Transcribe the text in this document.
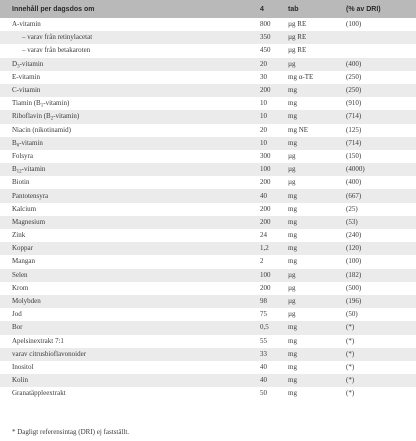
Innehåll per dagsdos om	4	tab	(% av DRI)
A-vitamin	800	µg RE	(100)
– varav från retinylacetat	350	µg RE	
– varav från betakaroten	450	µg RE	
$D_3$-vitamin	20	µg	(400)
E-vitamin	30	mg α-TE	(250)
C-vitamin	200	mg	(250)
Tiamin $(B_1-vitamin)$	10	mg	(910)
Riboflavin $(B_2-vitamin)$	10	mg	(714)
Niacin (nikotinamid)	20	mg NE	(125)
$B_6$-vitamin	10	mg	(714)
Folsyra	300	µg	(150)
$B_{12}$-vitamin	100	µg	(4000)
Biotin	200	µg	(400)
Pantotensyra	40	mg	(667)
Kalcium	200	mg	(25)
Magnesium	200	mg	(53)
Zink	24	mg	(240)
Koppar	1,2	mg	(120)
Mangan	2	mg	(100)
Selen	100	µg	(182)
Krom	200	µg	(500)
Molybden	98	µg	(196)
Jod	75	µg	(50)
Bor	0,5	mg	(*)
Apelsinextrakt 7:1	55	mg	(*)
varav citrusbioflavonoider	33	mg	(*)
Inositol	40	mg	(*)
Kolin	40	mg	(*)
Granatäppleextrakt	50	mg	(*)
* Dagligt referensintag (DRI) ej fastställt.
